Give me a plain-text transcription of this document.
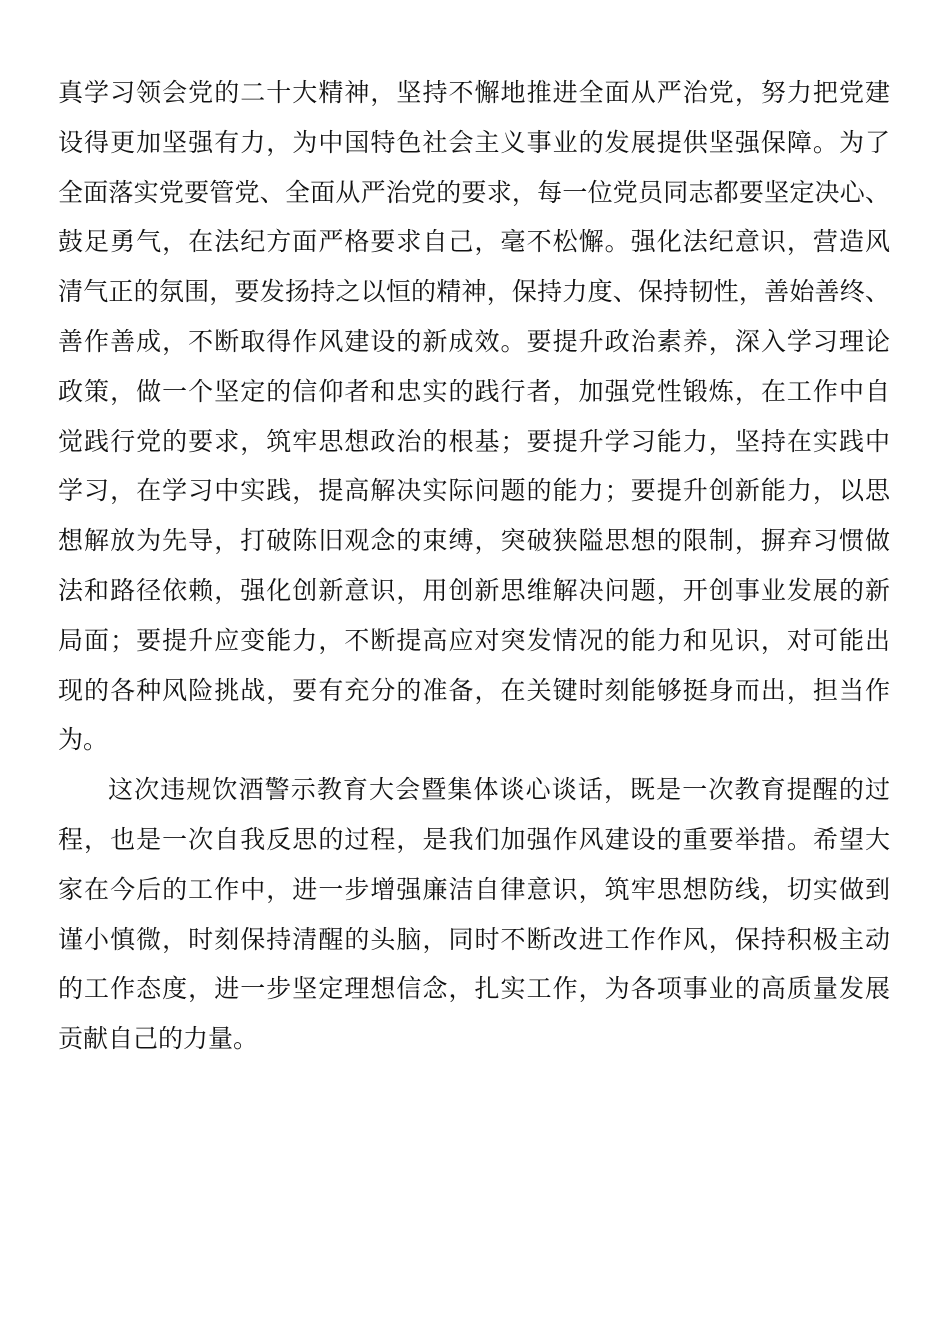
真学习领会党的二十大精神，坚持不懈地推进全面从严治党，努力把党建
设得更加坚强有力，为中国特色社会主义事业的发展提供坚强保障。为了
全面落实党要管党、全面从严治党的要求，每一位党员同志都要坚定决心、
鼓足勇气，在法纪方面严格要求自己，毫不松懈。强化法纪意识，营造风
清气正的氛围，要发扬持之以恒的精神，保持力度、保持韧性，善始善终、
善作善成，不断取得作风建设的新成效。要提升政治素养，深入学习理论
政策，做一个坚定的信仰者和忠实的践行者，加强党性锻炼，在工作中自
觉践行党的要求，筑牢思想政治的根基；要提升学习能力，坚持在实践中
学习，在学习中实践，提高解决实际问题的能力；要提升创新能力，以思
想解放为先导，打破陈旧观念的束缚，突破狭隘思想的限制，摒弃习惯做
法和路径依赖，强化创新意识，用创新思维解决问题，开创事业发展的新
局面；要提升应变能力，不断提高应对突发情况的能力和见识，对可能出
现的各种风险挑战，要有充分的准备，在关键时刻能够挺身而出，担当作
为。
这次违规饮酒警示教育大会暨集体谈心谈话，既是一次教育提醒的过
程，也是一次自我反思的过程，是我们加强作风建设的重要举措。希望大
家在今后的工作中，进一步增强廉洁自律意识，筑牢思想防线，切实做到
谨小慎微，时刻保持清醒的头脑，同时不断改进工作作风，保持积极主动
的工作态度，进一步坚定理想信念，扎实工作，为各项事业的高质量发展
贡献自己的力量。
